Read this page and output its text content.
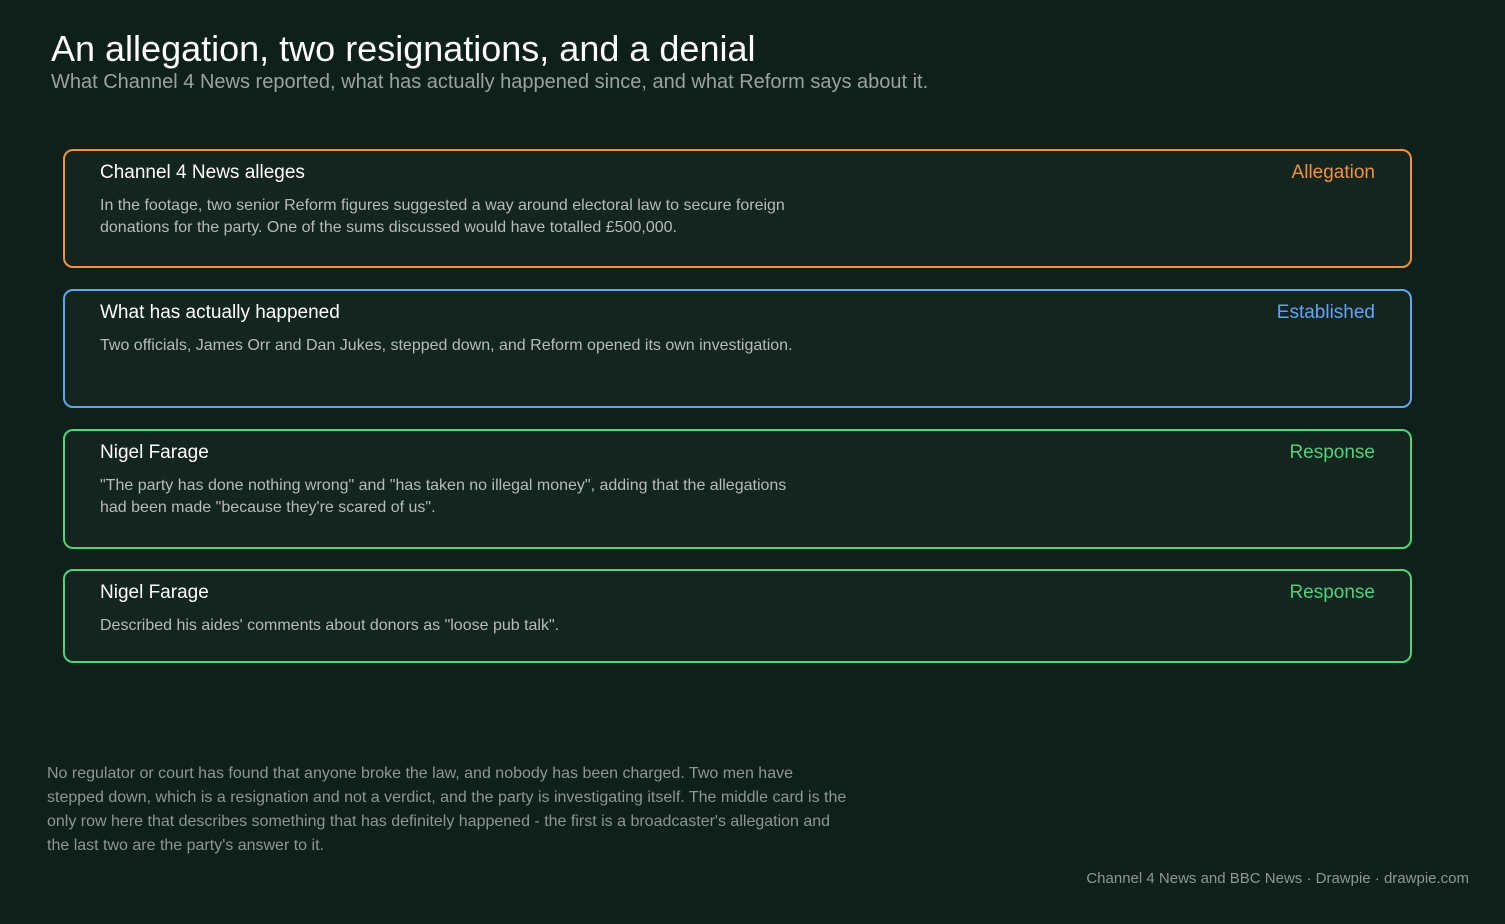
An allegation, two resignations, and a denial

What Channel 4 News reported, what has actually happened since, and what Reform says about it.

Channel 4 News alleges	Allegation
In the footage, two senior Reform figures suggested a way around electoral law to secure foreign donations for the party. One of the sums discussed would have totalled £500,000.
What has actually happened	Established
Two officials, James Orr and Dan Jukes, stepped down, and Reform opened its own investigation.
Nigel Farage	Response
"The party has done nothing wrong" and "has taken no illegal money", adding that the allegations had been made "because they're scared of us".
Nigel Farage	Response
Described his aides' comments about donors as "loose pub talk".
No regulator or court has found that anyone broke the law, and nobody has been charged. Two men have stepped down, which is a resignation and not a verdict, and the party is investigating itself. The middle card is the only row here that describes something that has definitely happened - the first is a broadcaster's allegation and the last two are the party's answer to it.
Channel 4 News and BBC News · Drawpie · drawpie.com
